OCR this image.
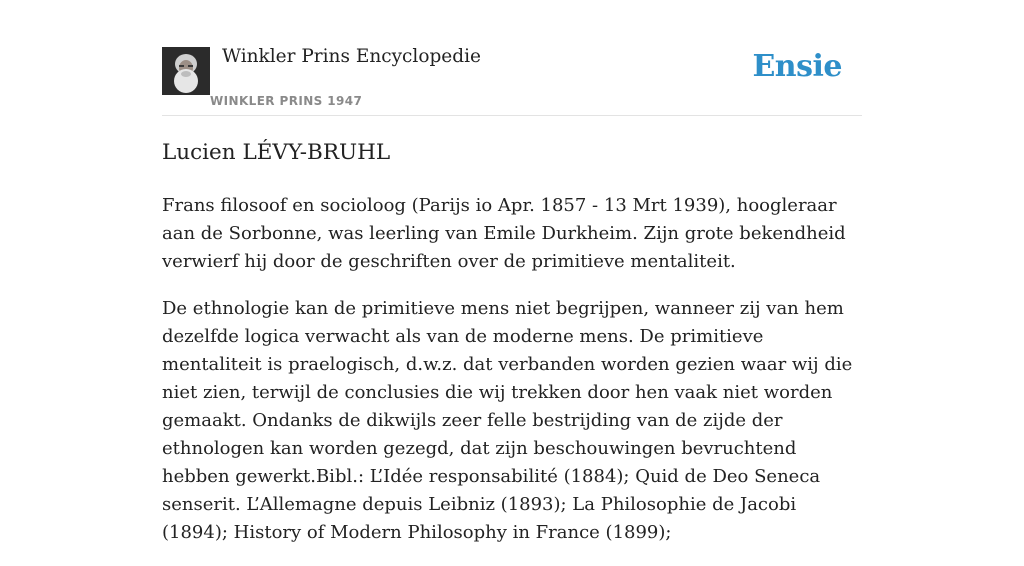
Winkler Prins Encyclopedie
WINKLER PRINS 1947
Ensie
Lucien LÉVY-BRUHL

Frans filosoof en socioloog (Parijs io Apr. 1857 - 13 Mrt 1939), hoogleraar aan de Sorbonne, was leerling van Emile Durkheim. Zijn grote bekendheid verwierf hij door de geschriften over de primitieve mentaliteit.

De ethnologie kan de primitieve mens niet begrijpen, wanneer zij van hem dezelfde logica verwacht als van de moderne mens. De primitieve mentaliteit is praelogisch, d.w.z. dat verbanden worden gezien waar wij die niet zien, terwijl de conclusies die wij trekken door hen vaak niet worden gemaakt. Ondanks de dikwijls zeer felle bestrijding van de zijde der ethnologen kan worden gezegd, dat zijn beschouwingen bevruchtend hebben gewerkt.Bibl.: L’Idée responsabilité (1884); Quid de Deo Seneca senserit. L’Allemagne depuis Leibniz (1893); La Philosophie de Jacobi (1894); History of Modern Philosophy in France (1899);
